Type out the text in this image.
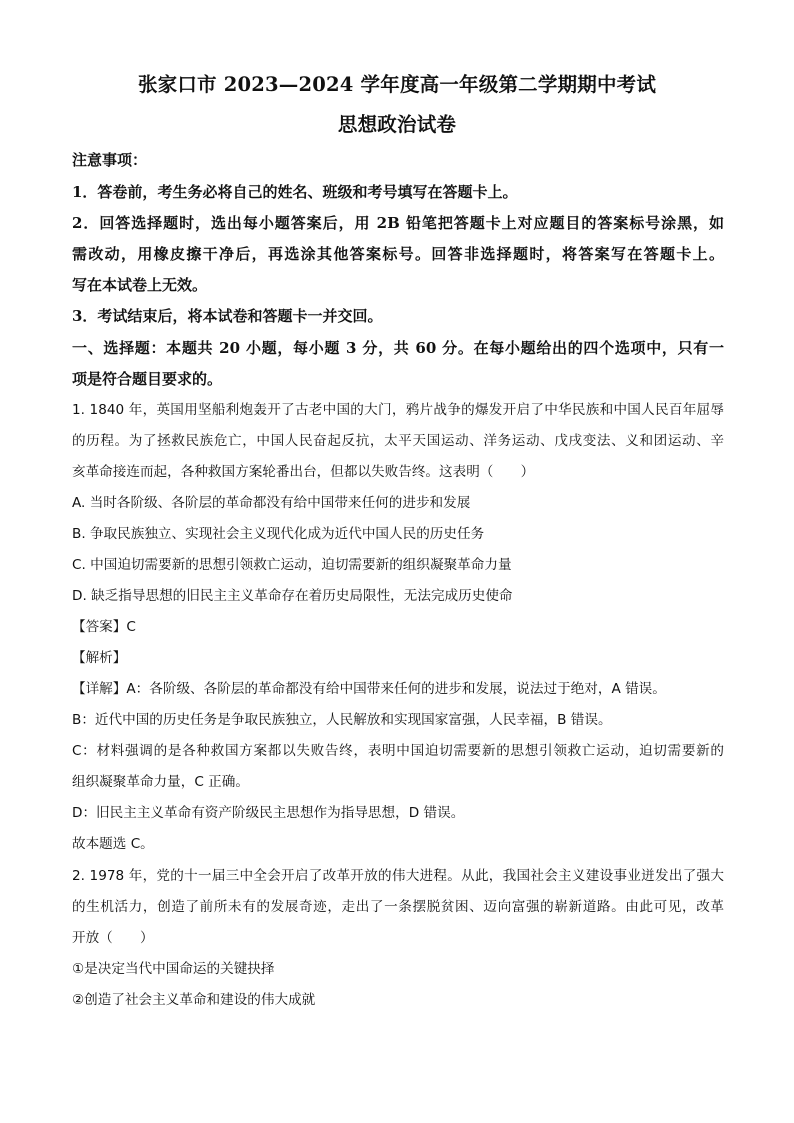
张家口市 2023—2024 学年度高一年级第二学期期中考试
思想政治试卷
注意事项：
1．答卷前，考生务必将自己的姓名、班级和考号填写在答题卡上。
2．回答选择题时，选出每小题答案后，用 2B 铅笔把答题卡上对应题目的答案标号涂黑，如
需改动，用橡皮擦干净后，再选涂其他答案标号。回答非选择题时，将答案写在答题卡上。
写在本试卷上无效。
3．考试结束后，将本试卷和答题卡一并交回。
一、选择题：本题共 20 小题，每小题 3 分，共 60 分。在每小题给出的四个选项中，只有一
项是符合题目要求的。
1. 1840 年，英国用坚船利炮轰开了古老中国的大门，鸦片战争的爆发开启了中华民族和中国人民百年屈辱
的历程。为了拯救民族危亡，中国人民奋起反抗，太平天国运动、洋务运动、戊戌变法、义和团运动、辛
亥革命接连而起，各种救国方案轮番出台，但都以失败告终。这表明（　　）
A. 当时各阶级、各阶层的革命都没有给中国带来任何的进步和发展
B. 争取民族独立、实现社会主义现代化成为近代中国人民的历史任务
C. 中国迫切需要新的思想引领救亡运动，迫切需要新的组织凝聚革命力量
D. 缺乏指导思想的旧民主主义革命存在着历史局限性，无法完成历史使命
【答案】C
【解析】
【详解】A：各阶级、各阶层的革命都没有给中国带来任何的进步和发展，说法过于绝对，A 错误。
B：近代中国的历史任务是争取民族独立，人民解放和实现国家富强，人民幸福，B 错误。
C：材料强调的是各种救国方案都以失败告终，表明中国迫切需要新的思想引领救亡运动，迫切需要新的
组织凝聚革命力量，C 正确。
D：旧民主主义革命有资产阶级民主思想作为指导思想，D 错误。
故本题选 C。
2. 1978 年，党的十一届三中全会开启了改革开放的伟大进程。从此，我国社会主义建设事业迸发出了强大
的生机活力，创造了前所未有的发展奇迹，走出了一条摆脱贫困、迈向富强的崭新道路。由此可见，改革
开放（　　）
①是决定当代中国命运的关键抉择
②创造了社会主义革命和建设的伟大成就
